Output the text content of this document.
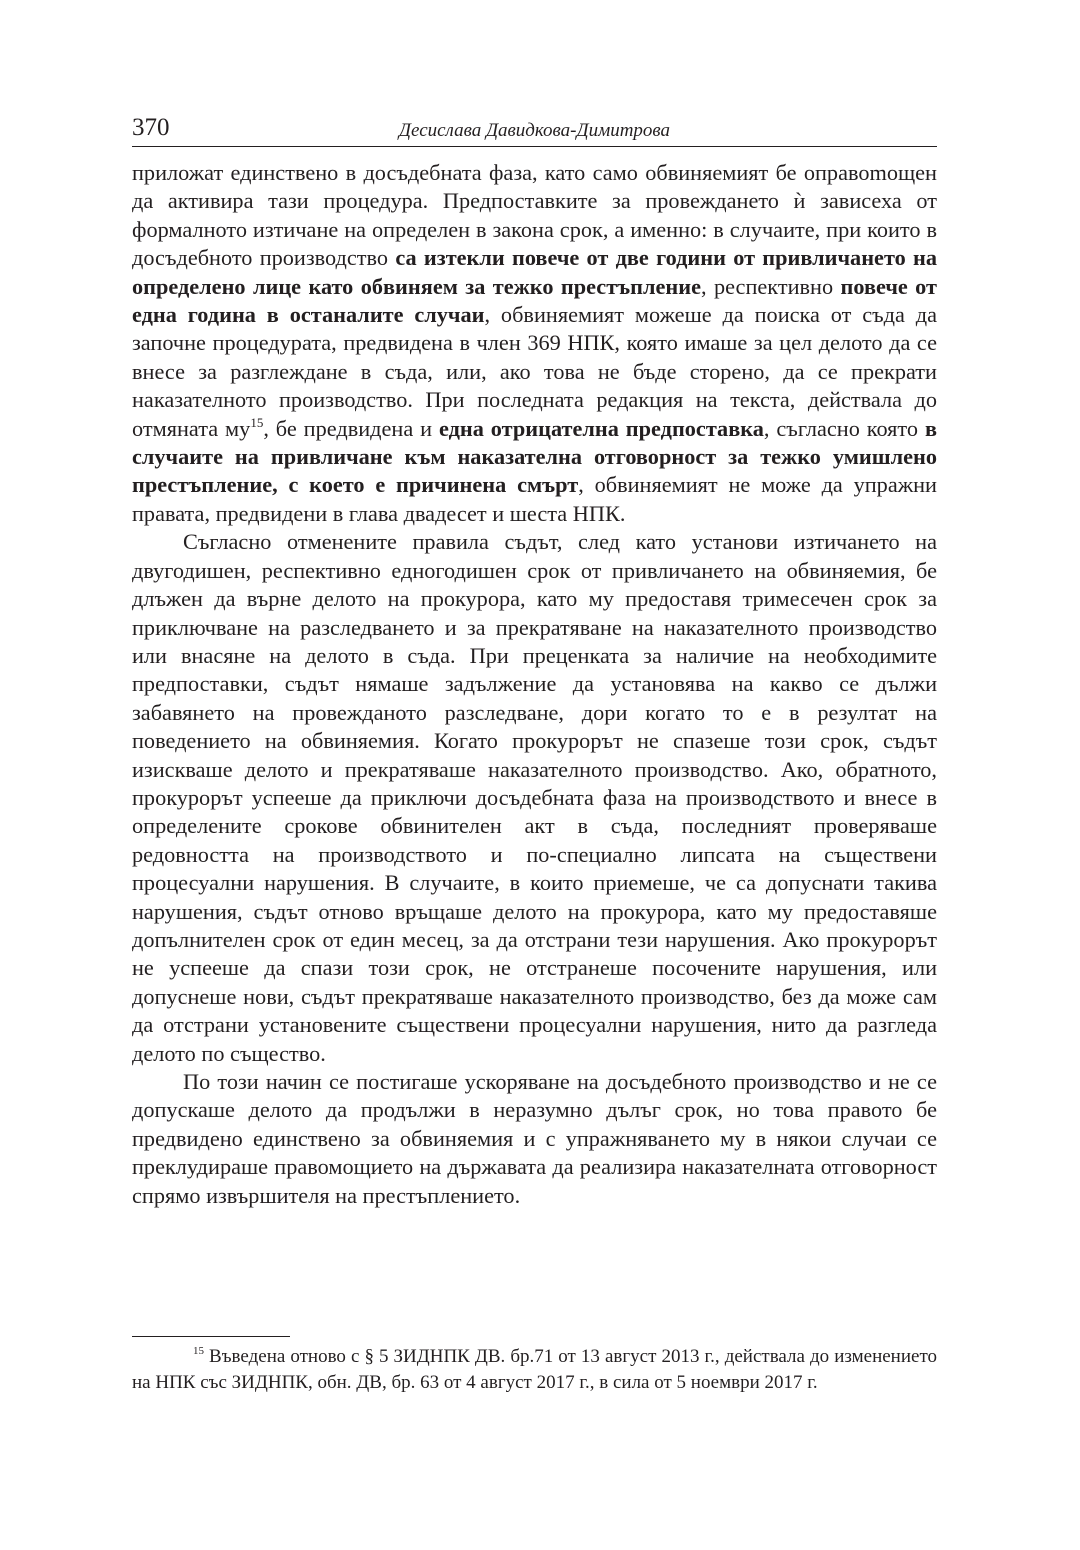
370	Десислава Давидкова-Димитрова

приложат единствено в досъдебната фаза, като само обвиняемият бе оправоmощен да активира тази процедура. Предпоставките за провеждането ѝ зависеха от формалното изтичане на определен в закона срок, а именно: в случаите, при които в досъдебното производство са изтекли повече от две години от привличането на определено лице като обвиняем за тежко престъпление, респективно повече от една година в останалите случаи, обвиняемият можеше да поиска от съда да започне процедурата, предвидена в член 369 НПК, която имаше за цел делото да се внесе за разглеждане в съда, или, ако това не бъде сторено, да се прекрати наказателното производство. При последната редакция на текста, действала до отмяната $му^{15}$, бе предвидена и една отрицателна предпоставка, съгласно която в случаите на привличане към наказателна отговорност за тежко умишлено престъпление, с което е причинена смърт, обвиняемият не може да упражни правата, предвидени в глава двадесет и шеста НПК.

Съгласно отменените правила съдът, след като установи изтичането на двугодишен, респективно едногодишен срок от привличането на обвиняемия, бе длъжен да върне делото на прокурора, като му предоставя тримесечен срок за приключване на разследването и за прекратяване на наказателното производство или внасяне на делото в съда. При преценката за наличие на необходимите предпоставки, съдът нямаше задължение да установява на какво се дължи забавянето на провежданото разследване, дори когато то е в резултат на поведението на обвиняемия. Когато прокурорът не спазеше този срок, съдът изискваше делото и прекратяваше наказателното производство. Ако, обратното, прокурорът успееше да приключи досъдебната фаза на производството и внесе в определените срокове обвинителен акт в съда, последният проверяваше редовността на производството и по-специално липсата на съществени процесуални нарушения. В случаите, в които приемеше, че са допуснати такива нарушения, съдът отново връщаше делото на прокурора, като му предоставяше допълнителен срок от един месец, за да отстрани тези нарушения. Ако прокурорът не успееше да спази този срок, не отстранеше посочените нарушения, или допуснеше нови, съдът прекратяваше наказателното производство, без да може сам да отстрани установените съществени процесуални нарушения, нито да разгледа делото по същество.

По този начин се постигаше ускоряване на досъдебното производство и не се допускаше делото да продължи в неразумно дълъг срок, но това правото бе предвидено единствено за обвиняемия и с упражняването му в някои случаи се преклудираше правомощието на държавата да реализира наказателната отговорност спрямо извършителя на престъплението.

$^{15}$ Въведена отново с § 5 ЗИДНПК ДВ. бр.71 от 13 август 2013 г., действала до изменението на НПК със ЗИДНПК, обн. ДВ, бр. 63 от 4 август 2017 г., в сила от 5 ноември 2017 г.
